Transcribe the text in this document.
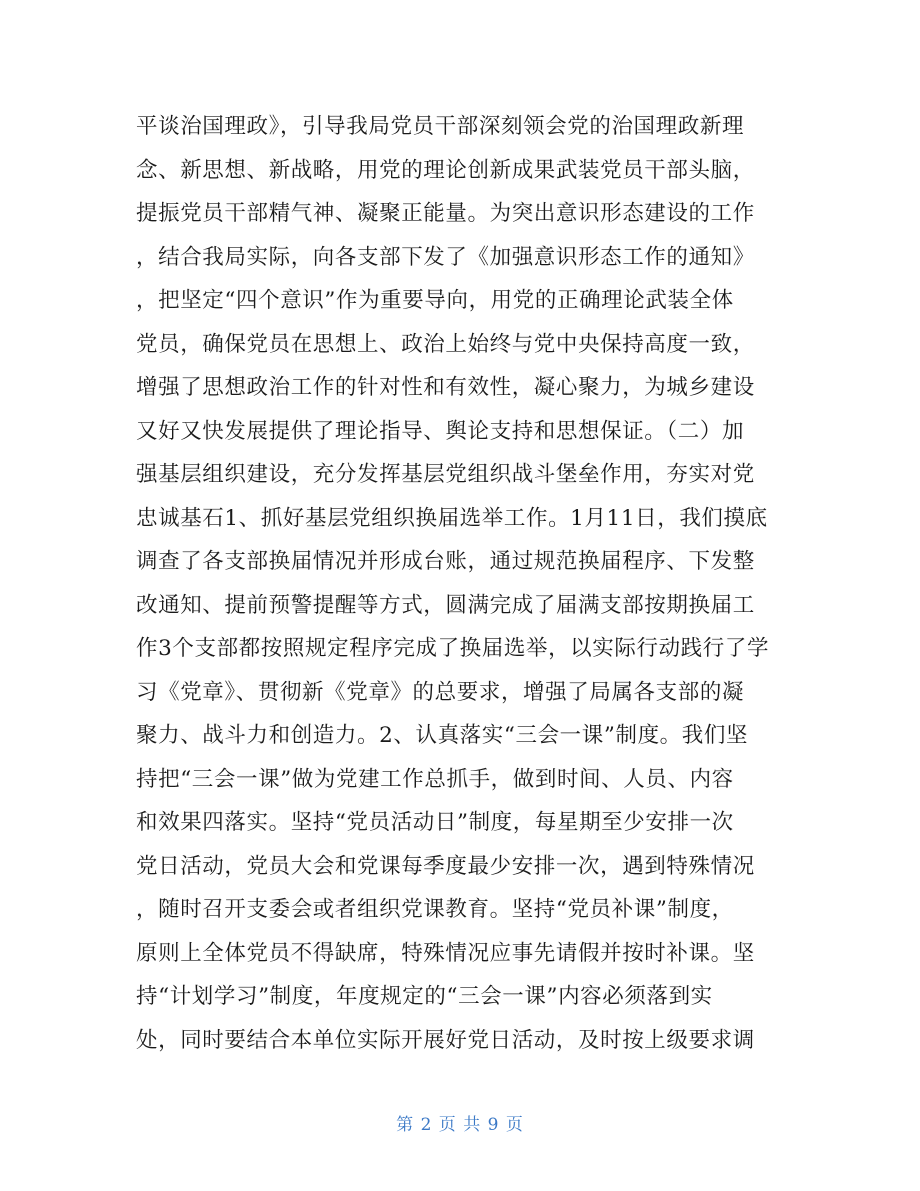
平谈治国理政》，引导我局党员干部深刻领会党的治国理政新理
念、新思想、新战略，用党的理论创新成果武装党员干部头脑，
提振党员干部精气神、凝聚正能量。为突出意识形态建设的工作
，结合我局实际，向各支部下发了《加强意识形态工作的通知》
，把坚定“四个意识”作为重要导向，用党的正确理论武装全体
党员，确保党员在思想上、政治上始终与党中央保持高度一致，
增强了思想政治工作的针对性和有效性，凝心聚力，为城乡建设
又好又快发展提供了理论指导、舆论支持和思想保证。（二）加
强基层组织建设，充分发挥基层党组织战斗堡垒作用，夯实对党
忠诚基石1、抓好基层党组织换届选举工作。1月11日，我们摸底
调查了各支部换届情况并形成台账，通过规范换届程序、下发整
改通知、提前预警提醒等方式，圆满完成了届满支部按期换届工
作3个支部都按照规定程序完成了换届选举，以实际行动践行了学
习《党章》、贯彻新《党章》的总要求，增强了局属各支部的凝
聚力、战斗力和创造力。2、认真落实“三会一课”制度。我们坚
持把“三会一课”做为党建工作总抓手，做到时间、人员、内容
和效果四落实。坚持“党员活动日”制度，每星期至少安排一次
党日活动，党员大会和党课每季度最少安排一次，遇到特殊情况
，随时召开支委会或者组织党课教育。坚持“党员补课”制度，
原则上全体党员不得缺席，特殊情况应事先请假并按时补课。坚
持“计划学习”制度，年度规定的“三会一课”内容必须落到实
处，同时要结合本单位实际开展好党日活动，及时按上级要求调
第 2 页 共 9 页
